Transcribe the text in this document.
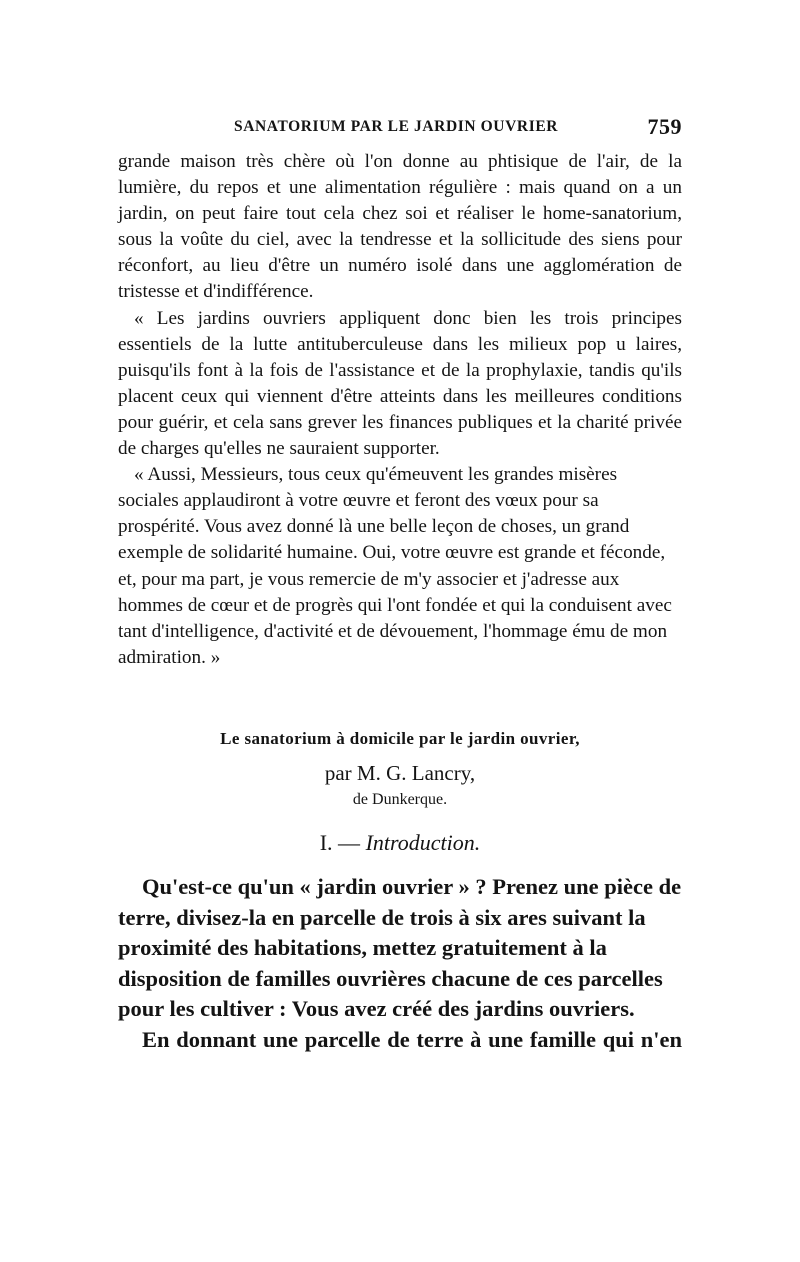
SANATORIUM PAR LE JARDIN OUVRIER	759

grande maison très chère où l'on donne au phtisique de l'air, de la lumière, du repos et une alimentation régulière : mais quand on a un jardin, on peut faire tout cela chez soi et réaliser le home-sanatorium, sous la voûte du ciel, avec la tendresse et la sollicitude des siens pour réconfort, au lieu d'être un numéro isolé dans une agglomération de tristesse et d'indifférence.

« Les jardins ouvriers appliquent donc bien les trois principes essentiels de la lutte antituberculeuse dans les milieux pop u laires, puisqu'ils font à la fois de l'assistance et de la prophylaxie, tandis qu'ils placent ceux qui viennent d'être atteints dans les meilleures conditions pour guérir, et cela sans grever les finances publiques et la charité privée de charges qu'elles ne sauraient supporter.

« Aussi, Messieurs, tous ceux qu'émeuvent les grandes misères sociales applaudiront à votre œuvre et feront des vœux pour sa prospérité. Vous avez donné là une belle leçon de choses, un grand exemple de solidarité humaine. Oui, votre œuvre est grande et féconde, et, pour ma part, je vous remercie de m'y associer et j'adresse aux hommes de cœur et de progrès qui l'ont fondée et qui la conduisent avec tant d'intelligence, d'activité et de dévouement, l'hommage ému de mon admiration. »

Le sanatorium à domicile par le jardin ouvrier,
par M. G. Lancry,
de Dunkerque.
I. — Introduction.

Qu'est-ce qu'un « jardin ouvrier » ? Prenez une pièce de terre, divisez-la en parcelle de trois à six ares suivant la proximité des habitations, mettez gratuitement à la disposition de familles ouvrières chacune de ces parcelles pour les cultiver : Vous avez créé des jardins ouvriers.

En donnant une parcelle de terre à une famille qui n'en
